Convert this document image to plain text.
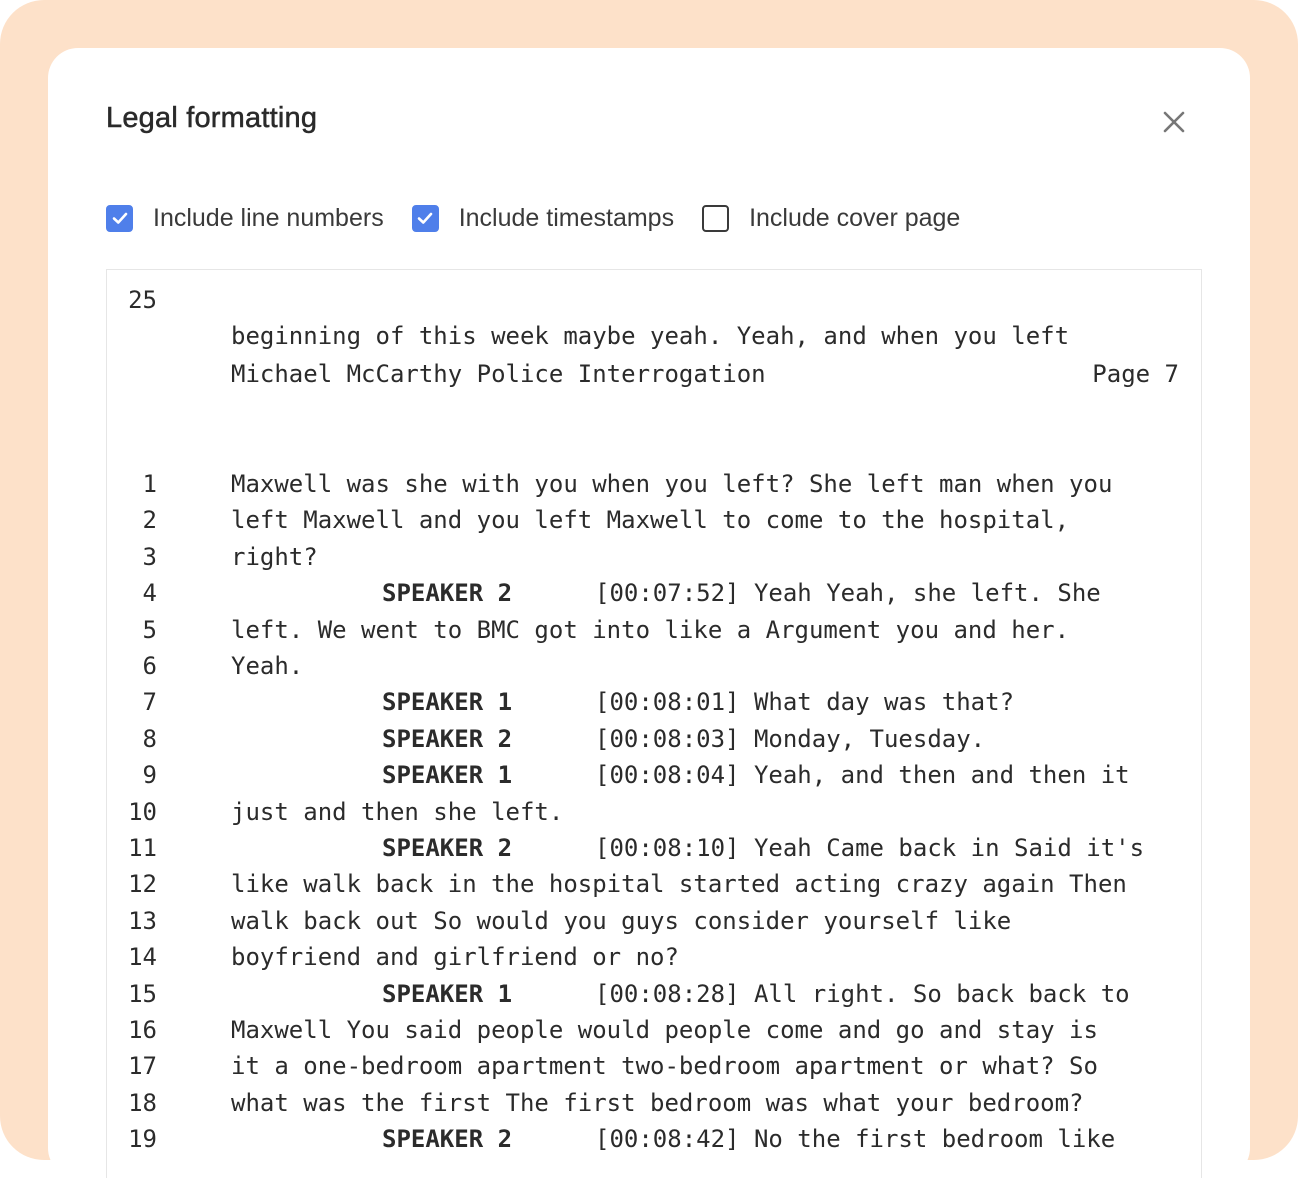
Legal formatting
Include line numbers	Include timestamps	Include cover page

25

beginning of this week maybe yeah. Yeah, and when you left

Michael McCarthy Police Interrogation	Page 7
1	Maxwell was she with you when you left? She left man when you
2	left Maxwell and you left Maxwell to come to the hospital,
3	right?
4	SPEAKER 2	[00:07:52] Yeah Yeah, she left. She
5	left. We went to BMC got into like a Argument you and her.
6	Yeah.
7	SPEAKER 1	[00:08:01] What day was that?
8	SPEAKER 2	[00:08:03] Monday, Tuesday.
9	SPEAKER 1	[00:08:04] Yeah, and then and then it
10	just and then she left.
11	SPEAKER 2	[00:08:10] Yeah Came back in Said it's
12	like walk back in the hospital started acting crazy again Then
13	walk back out So would you guys consider yourself like
14	boyfriend and girlfriend or no?
15	SPEAKER 1	[00:08:28] All right. So back back to
16	Maxwell You said people would people come and go and stay is
17	it a one-bedroom apartment two-bedroom apartment or what? So
18	what was the first The first bedroom was what your bedroom?
19	SPEAKER 2	[00:08:42] No the first bedroom like
